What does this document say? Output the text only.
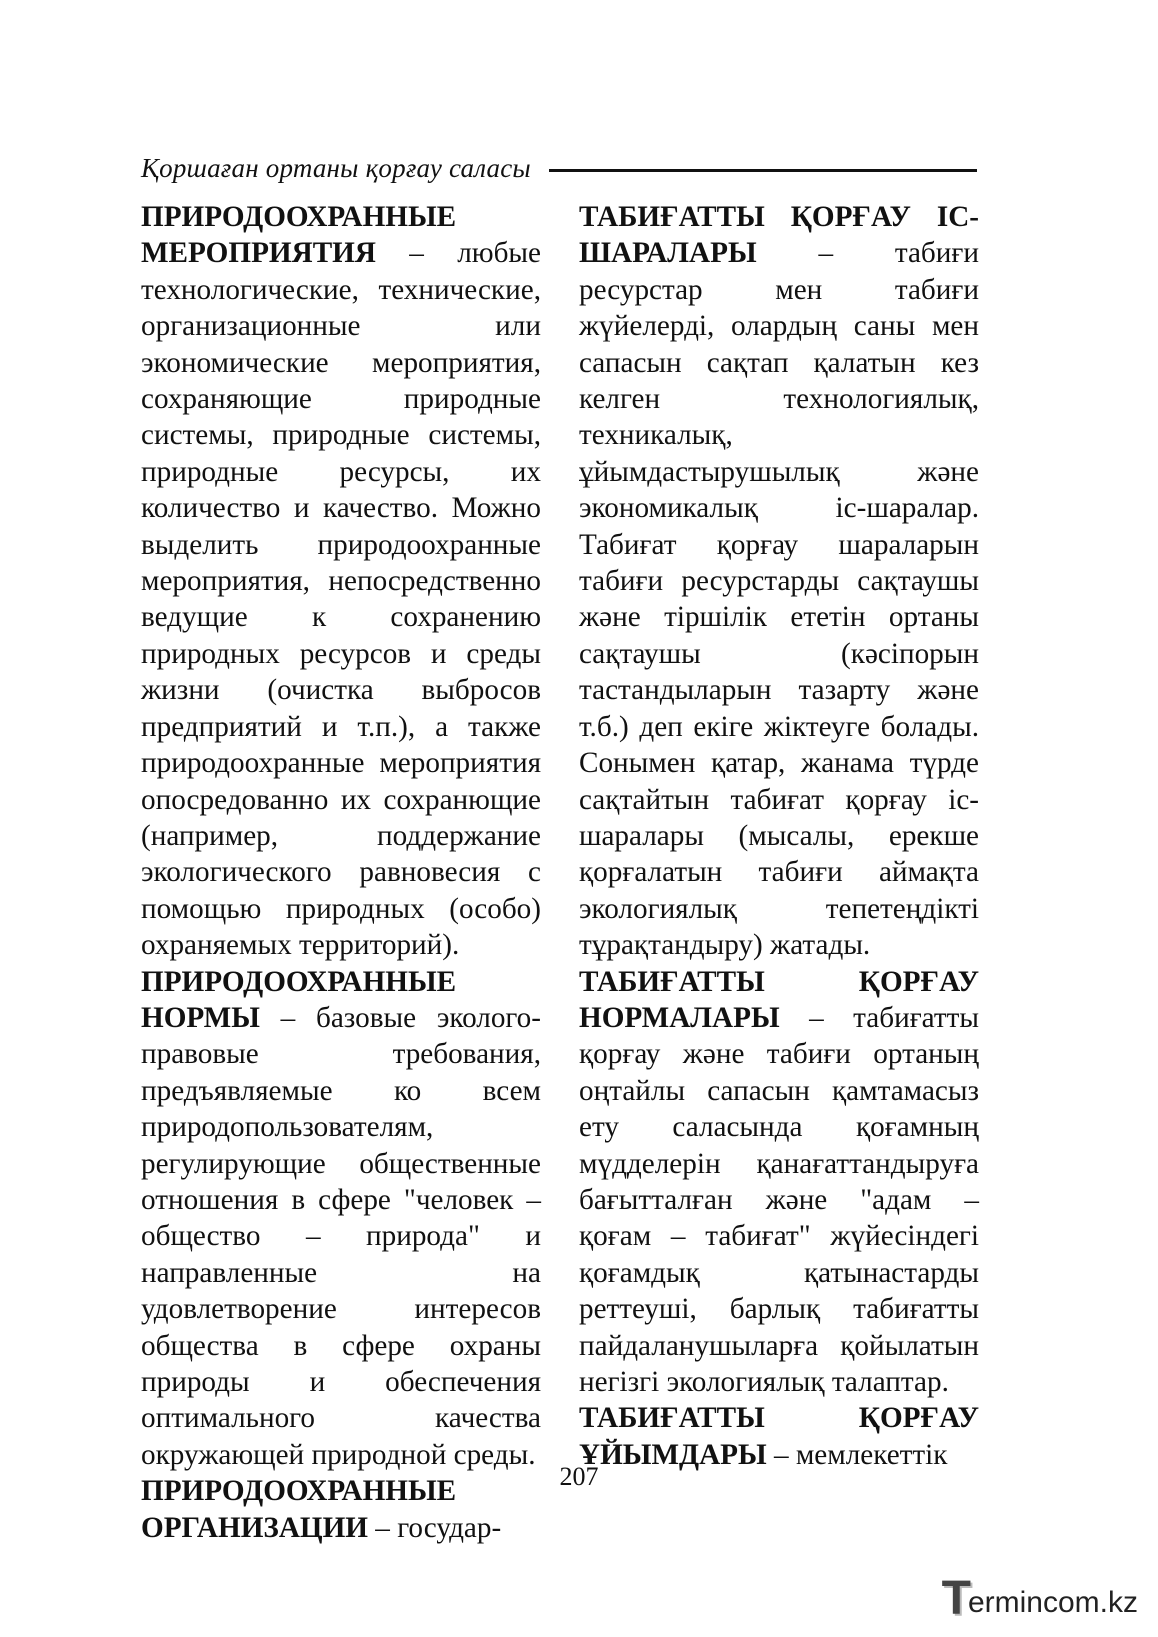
Қоршаған ортаны қорғау саласы

ПРИРОДООХРАННЫЕ МЕРОПРИЯТИЯ – любые технологические, технические, организационные или экономические мероприятия, сохраняющие природные системы, природные системы, природные ресурсы, их количество и качество. Можно выделить природоохранные мероприятия, непосредственно ведущие к сохранению природных ресурсов и среды жизни (очистка выбросов предприятий и т.п.), а также природоохранные мероприятия опосредованно их сохранющие (например, поддержание экологического равновесия с помощью природных (особо) охраняемых территорий).

ПРИРОДООХРАННЫЕ НОРМЫ – базовые эколого-правовые требования, предъявляемые ко всем природопользователям, регулирующие общественные отношения в сфере "человек – общество – природа" и направленные на удовлетворение интересов общества в сфере охраны природы и обеспечения оптимального качества окружающей природной среды.

ПРИРОДООХРАННЫЕ ОРГАНИЗАЦИИ – государ-

ТАБИҒАТТЫ ҚОРҒАУ ІС-ШАРАЛАРЫ – табиғи ресурстар мен табиғи жүйелерді, олардың саны мен сапасын сақтап қалатын кез келген технологиялық, техникалық, ұйымдастырушылық және экономикалық іс-шаралар. Табиғат қорғау шараларын табиғи ресурстарды сақтаушы және тіршілік ететін ортаны сақтаушы (кәсіпорын тастандыларын тазарту және т.б.) деп екіге жіктеуге болады. Сонымен қатар, жанама түрде сақтайтын табиғат қорғау іс-шаралары (мысалы, ерекше қорғалатын табиғи аймақта экологиялық тепетеңдікті тұрақтандыру) жатады.

ТАБИҒАТТЫ ҚОРҒАУ НОРМАЛАРЫ – табиғатты қорғау және табиғи ортаның оңтайлы сапасын қамтамасыз ету саласында қоғамның мүдделерін қанағаттандыруға бағытталған және "адам – қоғам – табиғат" жүйесіндегі қоғамдық қатынастарды реттеуші, барлық табиғатты пайдаланушыларға қойылатын негізгі экологиялық талаптар.

ТАБИҒАТТЫ ҚОРҒАУ ҰЙЫМДАРЫ – мемлекеттік

207
T
ermincom.kz
